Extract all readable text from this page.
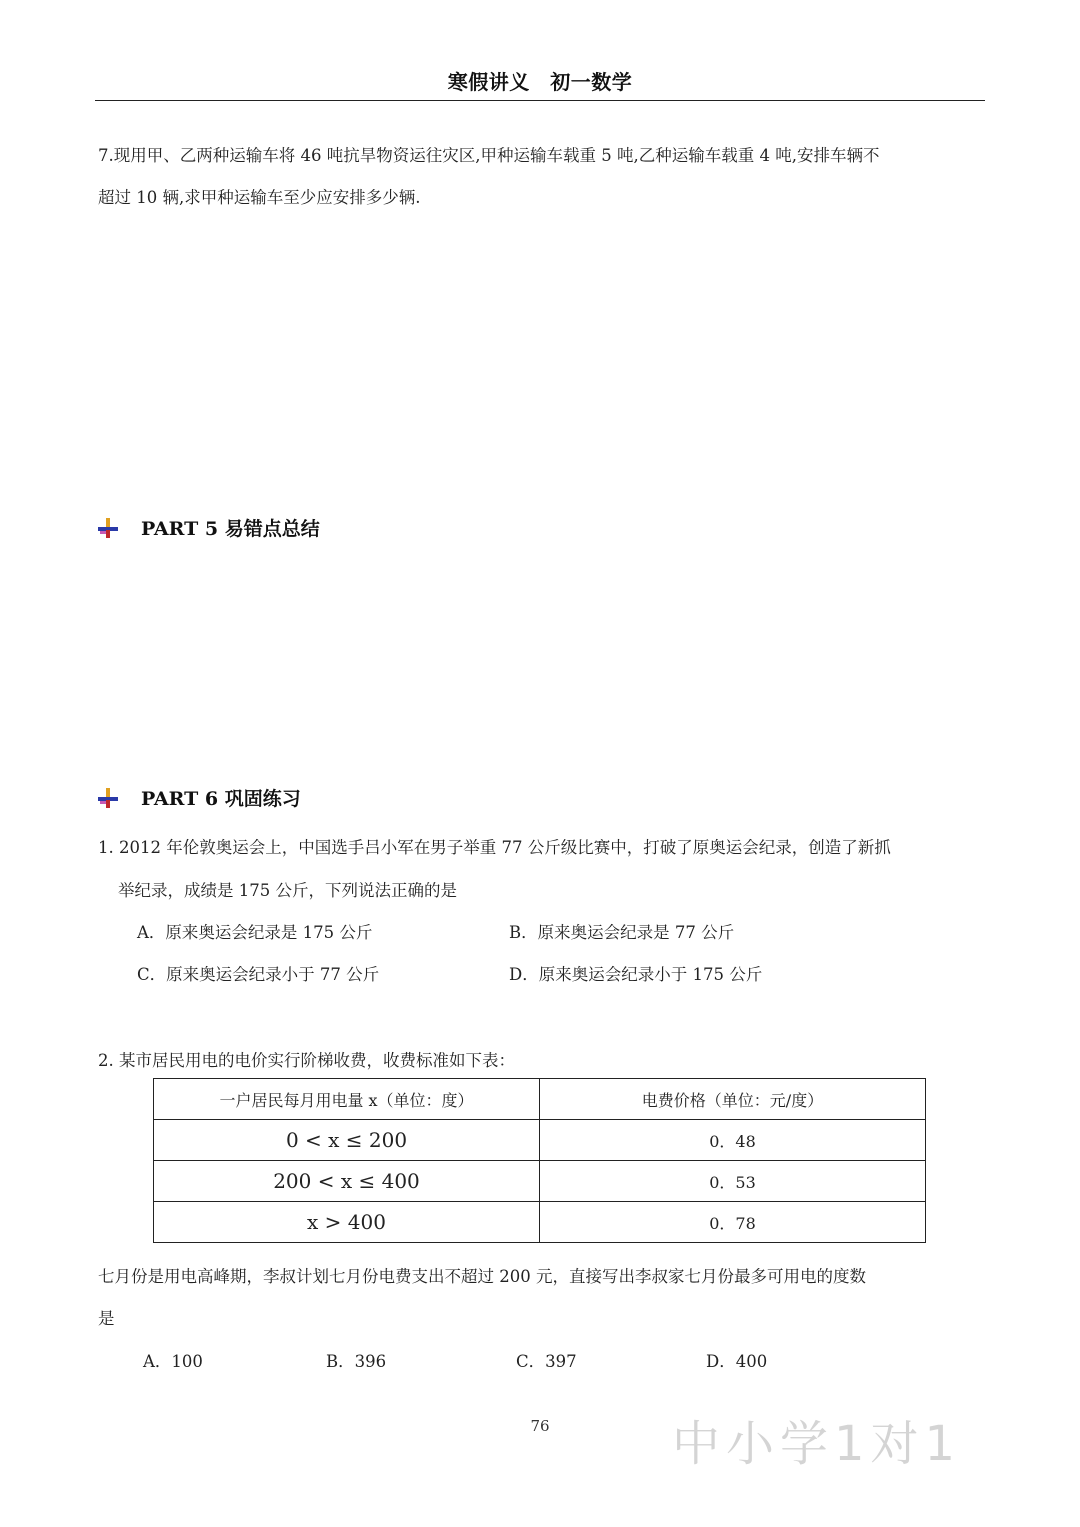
寒假讲义　初一数学
7.现用甲、乙两种运输车将 46 吨抗旱物资运往灾区,甲种运输车载重 5 吨,乙种运输车载重 4 吨,安排车辆不
超过 10 辆,求甲种运输车至少应安排多少辆.
PART 5 易错点总结
PART 6 巩固练习
1. 2012 年伦敦奥运会上，中国选手吕小军在男子举重 77 公斤级比赛中，打破了原奥运会纪录，创造了新抓
举纪录，成绩是 175 公斤，下列说法正确的是
A．原来奥运会纪录是 175 公斤	B．原来奥运会纪录是 77 公斤
C．原来奥运会纪录小于 77 公斤	D．原来奥运会纪录小于 175 公斤
2. 某市居民用电的电价实行阶梯收费，收费标准如下表：
一户居民每月用电量 x（单位：度）	电费价格（单位：元/度）
0 < x ≤ 200	0．48
200 < x ≤ 400	0．53
x > 400	0．78
七月份是用电高峰期，李叔计划七月份电费支出不超过 200 元，直接写出李叔家七月份最多可用电的度数
是
A．100	B．396	C．397	D．400
76	中小学1对1
